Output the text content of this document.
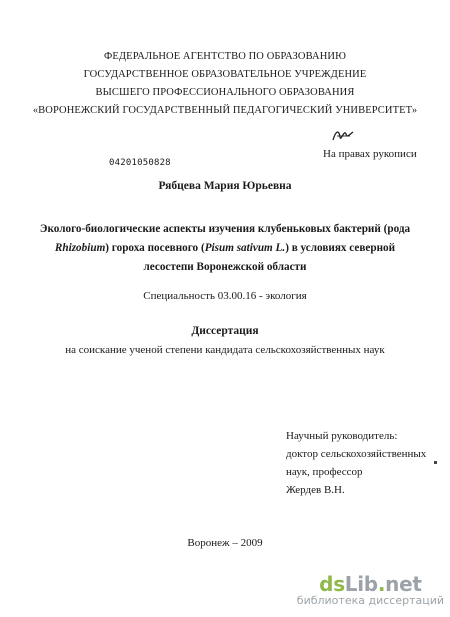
ФЕДЕРАЛЬНОЕ АГЕНТСТВО ПО ОБРАЗОВАНИЮ
ГОСУДАРСТВЕННОЕ ОБРАЗОВАТЕЛЬНОЕ УЧРЕЖДЕНИЕ
ВЫСШЕГО ПРОФЕССИОНАЛЬНОГО ОБРАЗОВАНИЯ
«ВОРОНЕЖСКИЙ ГОСУДАРСТВЕННЫЙ ПЕДАГОГИЧЕСКИЙ УНИВЕРСИТЕТ»
На правах рукописи
04201050828
Рябцева Мария Юрьевна
Эколого-биологические аспекты изучения клубеньковых бактерий (рода
Rhizobium) гороха посевного (Pisum sativum L.) в условиях северной
лесостепи Воронежской области
Специальность 03.00.16 - экология
Диссертация
на соискание ученой степени кандидата сельскохозяйственных наук
Научный руководитель:
доктор сельскохозяйственных
наук, профессор
Жердев В.Н.
Воронеж – 2009
dsLib.net
библиотека диссертаций
